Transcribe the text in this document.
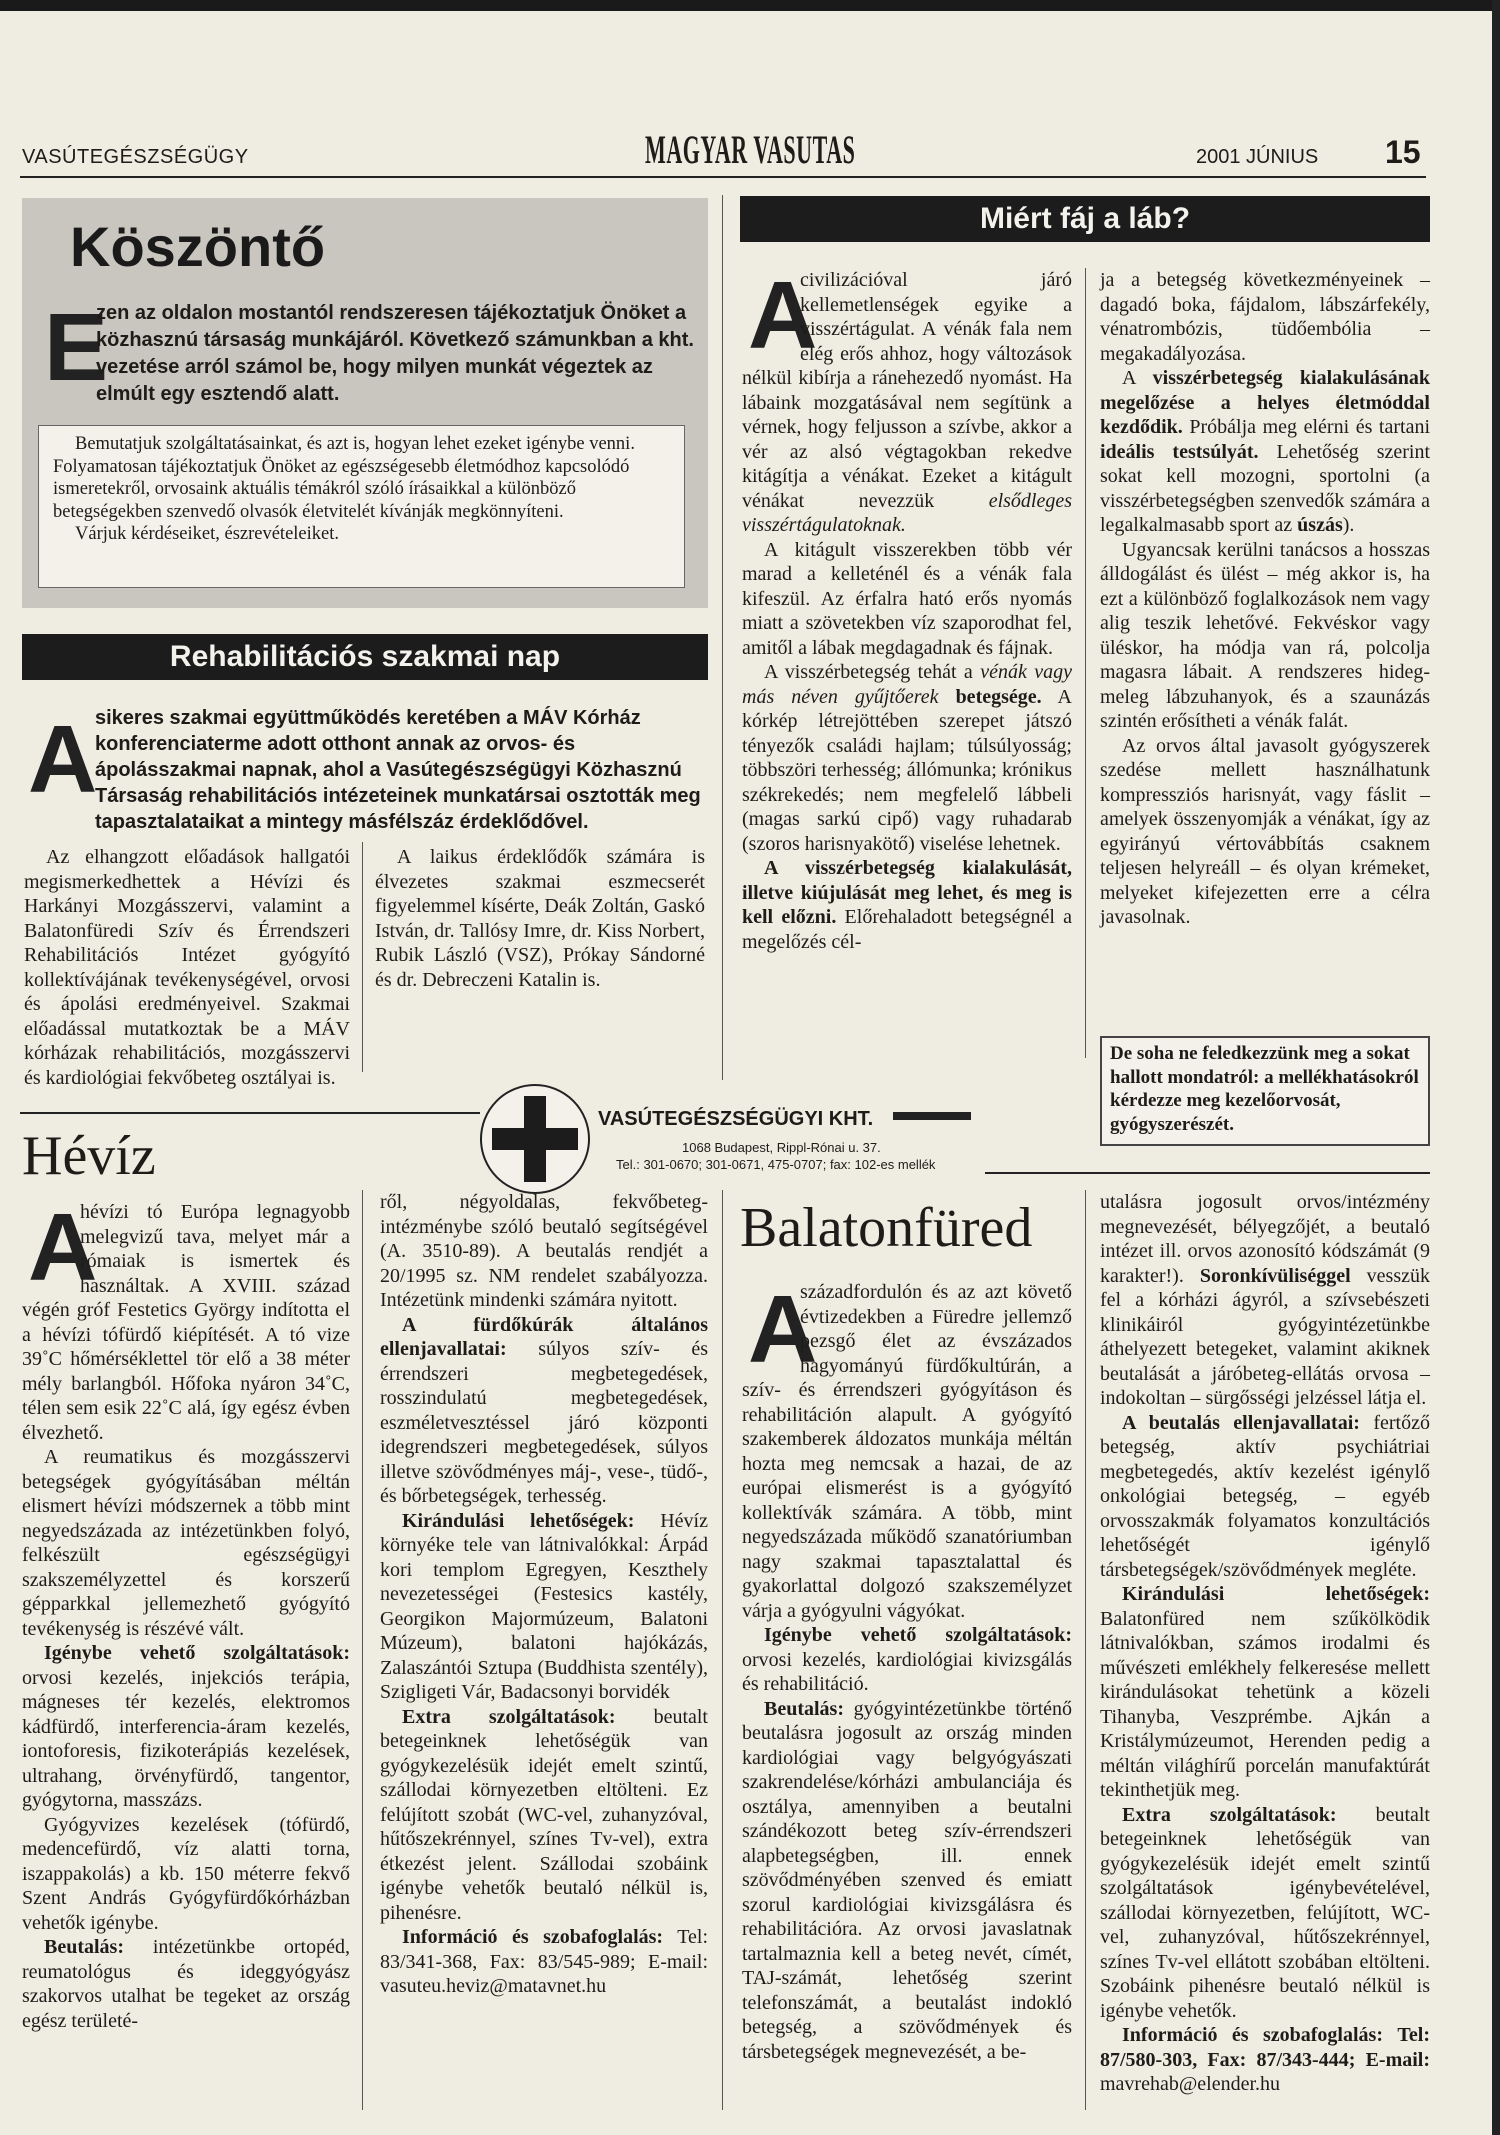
VASÚTEGÉSZSÉGÜGY	MAGYAR VASUTAS	2001 JÚNIUS 15
Köszöntő
E
zen az oldalon mostantól rendszeresen tájékoztatjuk Önöket a közhasznú társaság munkájáról. Következő számunkban a kht. vezetése arról számol be, hogy milyen munkát végeztek az elmúlt egy esztendő alatt.

Bemutatjuk szolgáltatásainkat, és azt is, hogyan lehet ezeket igénybe venni. Folyamatosan tájékoztatjuk Önöket az egészségesebb életmódhoz kapcsolódó ismeretekről, orvosaink aktuális témákról szóló írásaikkal a különböző betegségekben szenvedő olvasók életvitelét kívánják megkönnyíteni.

Várjuk kérdéseiket, észrevételeiket.

Rehabilitációs szakmai nap
A
sikeres szakmai együttműködés keretében a MÁV Kórház konferenciaterme adott otthont annak az orvos- és ápolásszakmai napnak, ahol a Vasútegészségügyi Közhasznú Társaság rehabilitációs intézeteinek munkatársai osztották meg tapasztalataikat a mintegy másfélszáz érdeklődővel.

Az elhangzott előadások hallgatói megismerkedhettek a Hévízi és Harkányi Mozgásszervi, valamint a Balatonfüredi Szív és Érrendszeri Rehabilitációs Intézet gyógyító kollektívájának tevékenységével, orvosi és ápolási eredményeivel. Szakmai előadással mutatkoztak be a MÁV kórházak rehabilitációs, mozgásszervi és kardiológiai fekvőbeteg osztályai is.

A laikus érdeklődők számára is élvezetes szakmai eszmecserét figyelemmel kísérte, Deák Zoltán, Gaskó István, dr. Tallósy Imre, dr. Kiss Norbert, Rubik László (VSZ), Prókay Sándorné és dr. Debreczeni Katalin is.

Miért fáj a láb?
A

civilizációval járó kellemetlenségek egyike a visszértágulat. A vénák fala nem elég erős ahhoz, hogy változások nélkül kibírja a ránehezedő nyomást. Ha lábaink mozgatásával nem segítünk a vérnek, hogy feljusson a szívbe, akkor a vér az alsó végtagokban rekedve kitágítja a vénákat. Ezeket a kitágult vénákat nevezzük	elsődleges visszértágulatoknak.

A kitágult visszerekben több vér marad a kelleténél és a vénák fala kifeszül. Az érfalra ható erős nyomás miatt a szövetekben víz szaporodhat fel, amitől a lábak megdagadnak és fájnak.

A visszérbetegség tehát a vénák vagy más néven gyűjtőerek betegsége. A kórkép létrejöttében szerepet játszó tényezők családi hajlam; túlsúlyosság; többszöri terhesség; állómunka; krónikus székrekedés; nem megfelelő lábbeli (magas sarkú cipő) vagy ruhadarab (szoros harisnyakötő) viselése lehetnek.

A visszérbetegség kialakulását, illetve kiújulását meg lehet, és meg is kell előzni. Előrehaladott betegségnél a megelőzés cél-

ja a betegség következményeinek – dagadó boka, fájdalom, lábszárfekély, vénatrombózis, tüdőembólia – megakadályozása.

A visszérbetegség kialakulásának megelőzése a helyes életmóddal kezdődik. Próbálja meg elérni és tartani ideális testsúlyát. Lehetőség szerint sokat kell mozogni, sportolni (a visszérbetegségben szenvedők számára a legalkalmasabb sport az úszás).

Ugyancsak kerülni tanácsos a hosszas álldogálást és ülést – még akkor is, ha ezt a különböző foglalkozások nem vagy alig teszik lehetővé. Fekvéskor vagy üléskor, ha módja van rá, polcolja magasra lábait. A rendszeres hideg-meleg lábzuhanyok, és a szaunázás szintén erősítheti a vénák falát.

Az orvos által javasolt gyógyszerek szedése mellett használhatunk kompressziós harisnyát, vagy fáslit – amelyek összenyomják a vénákat, így az egyirányú vértovábbítás csaknem teljesen helyreáll – és olyan krémeket, melyeket kifejezetten erre a célra javasolnak.

De soha ne feledkezzünk meg a sokat hallott mondatról: a mellékhatásokról kérdezze meg kezelőorvosát, gyógyszerészét.
VASÚTEGÉSZSÉGÜGYI KHT.
1068 Budapest, Rippl-Rónai u. 37.
Tel.: 301-0670; 301-0671, 475-0707; fax: 102-es mellék
Hévíz
A

hévízi tó Európa legnagyobb melegvizű tava, melyet már a rómaiak is ismertek és használtak. A XVIII. század végén gróf Festetics György indította el a hévízi tófürdő kiépítését. A tó vize 39˚C hőmérséklettel tör elő a 38 méter mély barlangból. Hőfoka nyáron 34˚C, télen sem esik 22˚C alá, így egész évben élvezhető.

A reumatikus és mozgásszervi betegségek gyógyításában méltán elismert hévízi módszernek a több mint negyedszázada az intézetünkben folyó, felkészült egészségügyi szakszemélyzettel és korszerű gépparkkal jellemezhető gyógyító tevékenység is részévé vált.

Igénybe vehető szolgáltatások: orvosi kezelés, injekciós terápia, mágneses tér kezelés, elektromos kádfürdő, interferencia-áram kezelés, iontoforesis, fizikoterápiás kezelések, ultrahang, örvényfürdő, tangentor, gyógytorna, masszázs.

Gyógyvizes kezelések (tófürdő, medencefürdő, víz alatti torna, iszappakolás) a kb. 150 méterre fekvő Szent András Gyógyfürdőkórházban vehetők igénybe.

Beutalás: intézetünkbe ortopéd, reumatológus és ideggyógyász szakorvos utalhat be tegeket az ország egész területé-

ről, négyoldalas, fekvőbeteg-intézménybe szóló beutaló segítségével (A. 3510-89). A beutalás rendjét a 20/1995 sz. NM rendelet szabályozza. Intézetünk mindenki számára nyitott.

A fürdőkúrák általános ellenjavallatai: súlyos szív- és érrendszeri megbetegedések, rosszindulatú megbetegedések, eszméletvesztéssel járó központi idegrendszeri megbetegedések, súlyos illetve szövődményes máj-, vese-, tüdő-, és bőrbetegségek, terhesség.

Kirándulási lehetőségek: Hévíz környéke tele van látnivalókkal: Árpád kori templom Egregyen, Keszthely nevezetességei (Festesics kastély, Georgikon Majormúzeum, Balatoni Múzeum), balatoni hajókázás, Zalaszántói Sztupa (Buddhista szentély), Szigligeti Vár, Badacsonyi borvidék

Extra szolgáltatások: beutalt betegeinknek lehetőségük van gyógykezelésük idejét emelt szintű, szállodai környezetben eltölteni. Ez felújított szobát (WC-vel, zuhanyzóval, hűtőszekrénnyel, színes Tv-vel), extra étkezést jelent. Szállodai szobáink igénybe vehetők beutaló nélkül is, pihenésre.

Információ és szobafoglalás: Tel: 83/341-368, Fax: 83/545-989; E-mail: vasuteu.heviz@matavnet.hu

Balatonfüred
A

századfordulón és az azt követő évtizedekben a Füredre jellemző pezsgő élet az évszázados hagyományú fürdőkultúrán, a szív- és érrendszeri gyógyításon és rehabilitáción alapult. A gyógyító szakemberek áldozatos munkája méltán hozta meg nemcsak a hazai, de az európai elismerést is a gyógyító kollektívák számára. A több, mint negyedszázada működő szanatóriumban nagy szakmai tapasztalattal és gyakorlattal dolgozó szakszemélyzet várja a gyógyulni vágyókat.

Igénybe vehető szolgáltatások: orvosi kezelés, kardiológiai kivizsgálás és rehabilitáció.

Beutalás: gyógyintézetünkbe történő beutalásra jogosult az ország minden kardiológiai vagy belgyógyászati szakrendelése/kórházi ambulanciája és osztálya, amennyiben a beutalni szándékozott beteg szív-érrendszeri alapbetegségben, ill. ennek szövődményében szenved és emiatt szorul kardiológiai kivizsgálásra és rehabilitációra. Az orvosi javaslatnak tartalmaznia kell a beteg nevét, címét, TAJ-számát, lehetőség szerint telefonszámát, a beutalást indokló betegség, a szövődmények és társbetegségek megnevezését, a be-

utalásra jogosult orvos/intézmény megnevezését, bélyegzőjét, a beutaló intézet ill. orvos azonosító kódszámát (9 karakter!). Soronkívüliséggel vesszük fel a kórházi ágyról, a szívsebészeti klinikáiról gyógyintézetünkbe áthelyezett betegeket, valamint akiknek beutalását a járóbeteg-ellátás orvosa – indokoltan – sürgősségi jelzéssel látja el.

A beutalás ellenjavallatai: fertőző betegség, aktív psychiátriai megbetegedés, aktív kezelést igénylő onkológiai betegség, – egyéb orvosszakmák folyamatos konzultációs lehetőségét igénylő társbetegségek/szövődmények megléte.

Kirándulási lehetőségek: Balatonfüred nem szűkölködik látnivalókban, számos irodalmi és művészeti emlékhely felkeresése mellett kirándulásokat tehetünk a közeli Tihanyba, Veszprémbe. Ajkán a Kristálymúzeumot, Herenden pedig a méltán világhírű porcelán manufaktúrát tekinthetjük meg.

Extra szolgáltatások: beutalt betegeinknek lehetőségük van gyógykezelésük idejét emelt szintű szolgáltatások igénybevételével, szállodai környezetben, felújított, WC-vel, zuhanyzóval, hűtőszekrénnyel, színes Tv-vel ellátott szobában eltölteni. Szobáink pihenésre beutaló nélkül is igénybe vehetők.

Információ és szobafoglalás: Tel: 87/580-303, Fax: 87/343-444; E-mail: mavrehab@elender.hu
